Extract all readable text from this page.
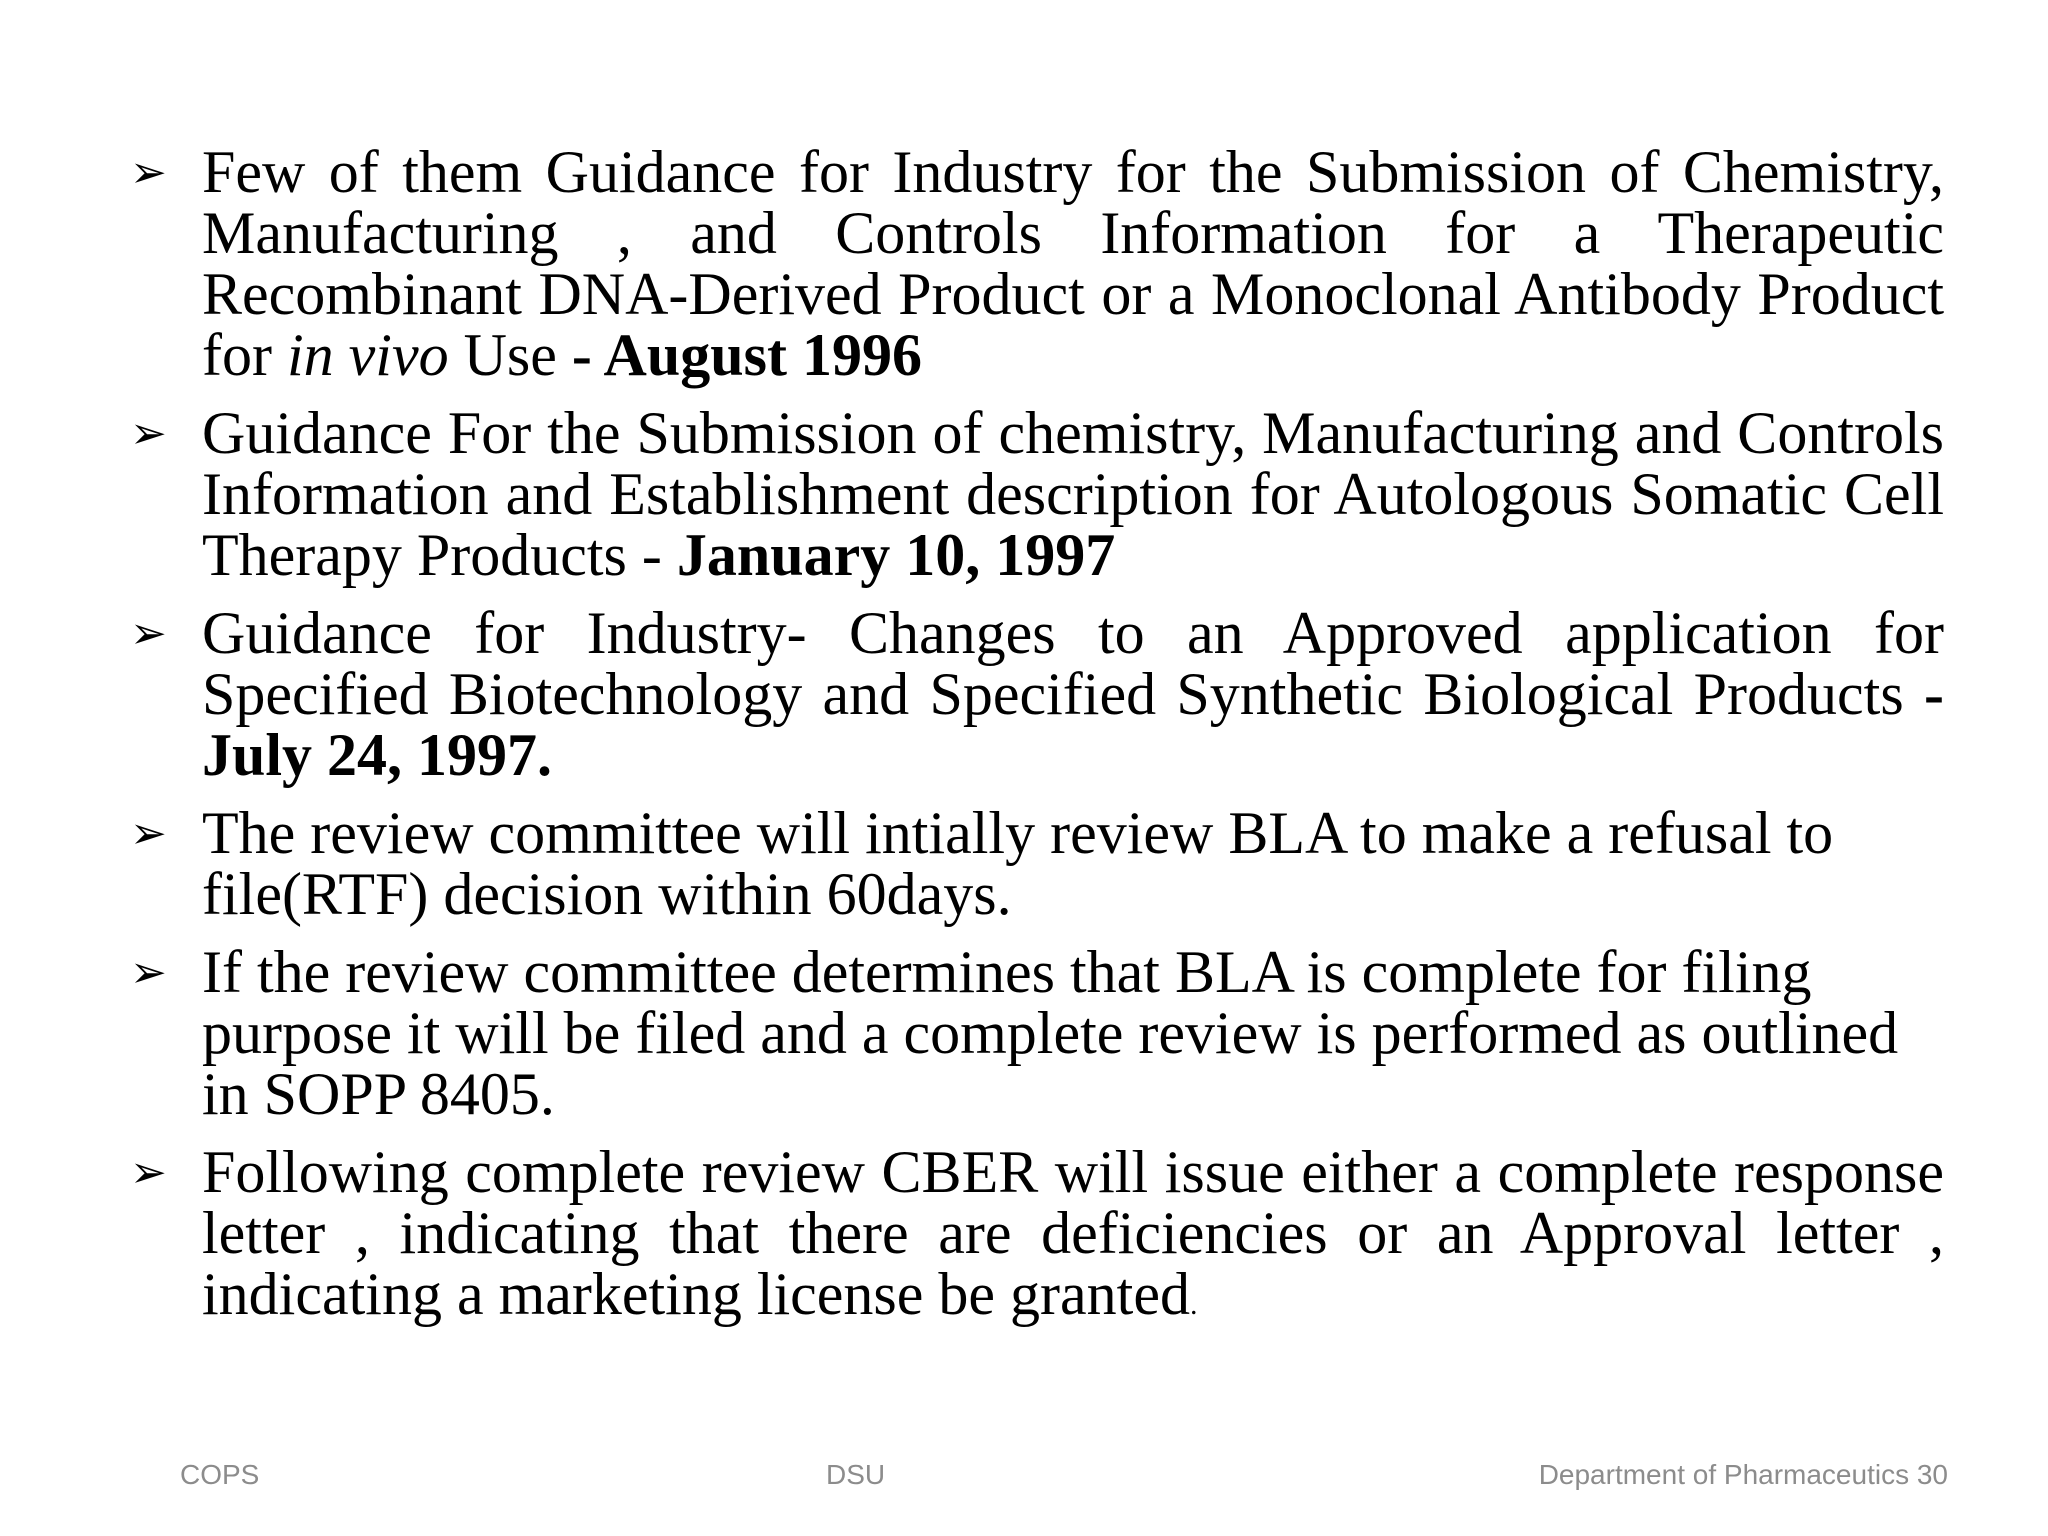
➢ Few of them Guidance for Industry for the Submission of Chemistry, Manufacturing , and Controls Information for a Therapeutic Recombinant DNA-Derived Product or a Monoclonal Antibody Product for in vivo Use - August 1996
➢ Guidance For the Submission of chemistry, Manufacturing and Controls Information and Establishment description for Autologous Somatic Cell Therapy Products - January 10, 1997
➢ Guidance for Industry- Changes to an Approved application for Specified Biotechnology and Specified Synthetic Biological Products - July 24, 1997.
➢ The review committee will intially review BLA to make a refusal to file(RTF) decision within 60days.
➢ If the review committee determines that BLA is complete for filing purpose it will be filed and a complete review is performed as outlined in SOPP 8405.
➢ Following complete review CBER will issue either a complete response letter , indicating that there are deficiencies or an Approval letter , indicating a marketing license be granted.
COPS	DSU	Department of Pharmaceutics 30
